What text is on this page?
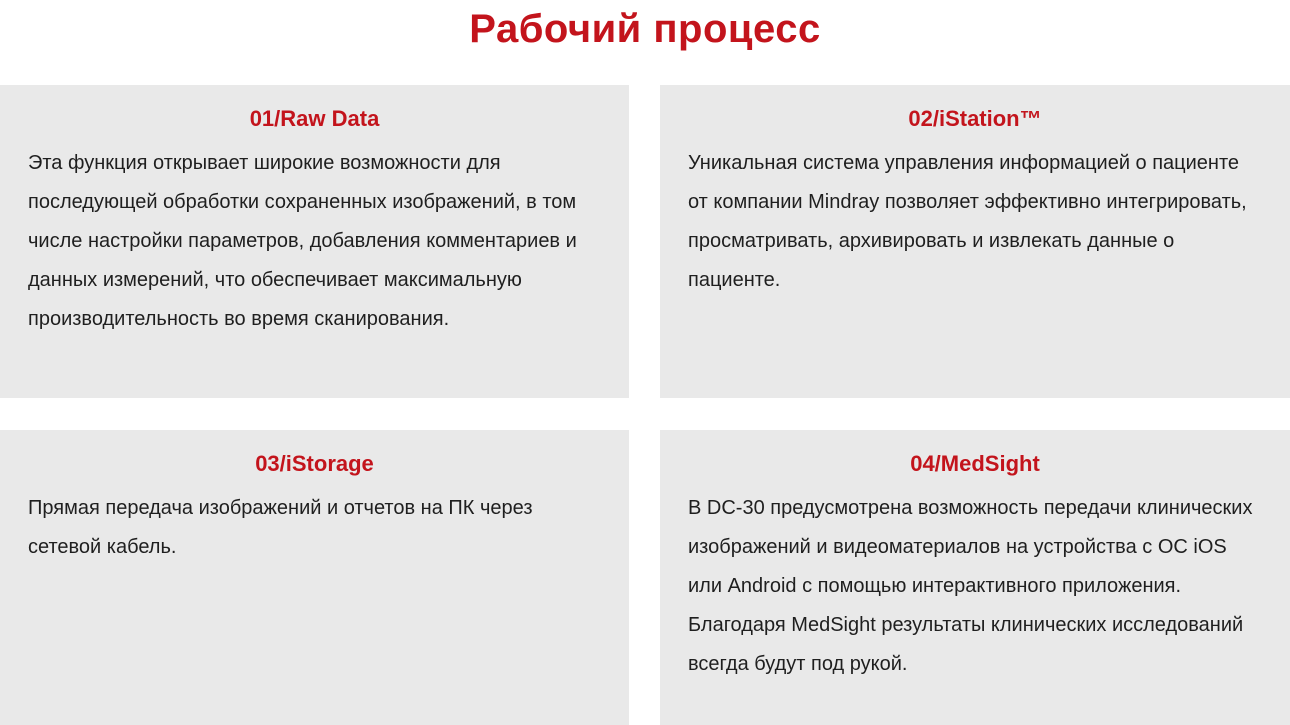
Рабочий процесс
01/Raw Data

Эта функция открывает широкие возможности для последующей обработки сохраненных изображений, в том числе настройки параметров, добавления комментариев и данных измерений, что обеспечивает максимальную производительность во время сканирования.

02/iStation™

Уникальная система управления информацией о пациенте от компании Mindray позволяет эффективно интегрировать, просматривать, архивировать и извлекать данные о пациенте.

03/iStorage

Прямая передача изображений и отчетов на ПК через сетевой кабель.

04/MedSight

В DC-30 предусмотрена возможность передачи клинических изображений и видеоматериалов на устройства с ОС iOS или Android с помощью интерактивного приложения. Благодаря MedSight результаты клинических исследований всегда будут под рукой.
